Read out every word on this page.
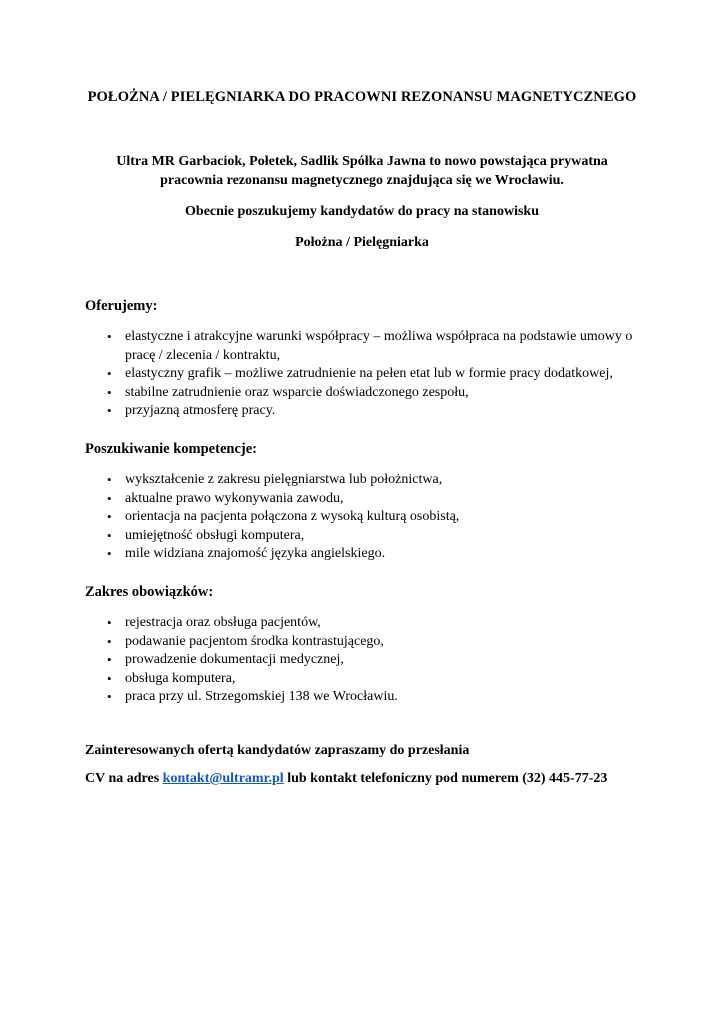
POŁOŻNA / PIELĘGNIARKA DO PRACOWNI REZONANSU MAGNETYCZNEGO
Ultra MR Garbaciok, Połetek, Sadlik Spółka Jawna to nowo powstająca prywatna pracownia rezonansu magnetycznego znajdująca się we Wrocławiu.
Obecnie poszukujemy kandydatów do pracy na stanowisku
Położna / Pielęgniarka
Oferujemy:
• elastyczne i atrakcyjne warunki współpracy – możliwa współpraca na podstawie umowy o pracę / zlecenia / kontraktu,
• elastyczny grafik – możliwe zatrudnienie na pełen etat lub w formie pracy dodatkowej,
• stabilne zatrudnienie oraz wsparcie doświadczonego zespołu,
• przyjazną atmosferę pracy.
Poszukiwanie kompetencje:
• wykształcenie z zakresu pielęgniarstwa lub położnictwa,
• aktualne prawo wykonywania zawodu,
• orientacja na pacjenta połączona z wysoką kulturą osobistą,
• umiejętność obsługi komputera,
• mile widziana znajomość języka angielskiego.
Zakres obowiązków:
• rejestracja oraz obsługa pacjentów,
• podawanie pacjentom środka kontrastującego,
• prowadzenie dokumentacji medycznej,
• obsługa komputera,
• praca przy ul. Strzegomskiej 138 we Wrocławiu.
Zainteresowanych ofertą kandydatów zapraszamy do przesłania
CV na adres kontakt@ultramr.pl lub kontakt telefoniczny pod numerem (32) 445-77-23
